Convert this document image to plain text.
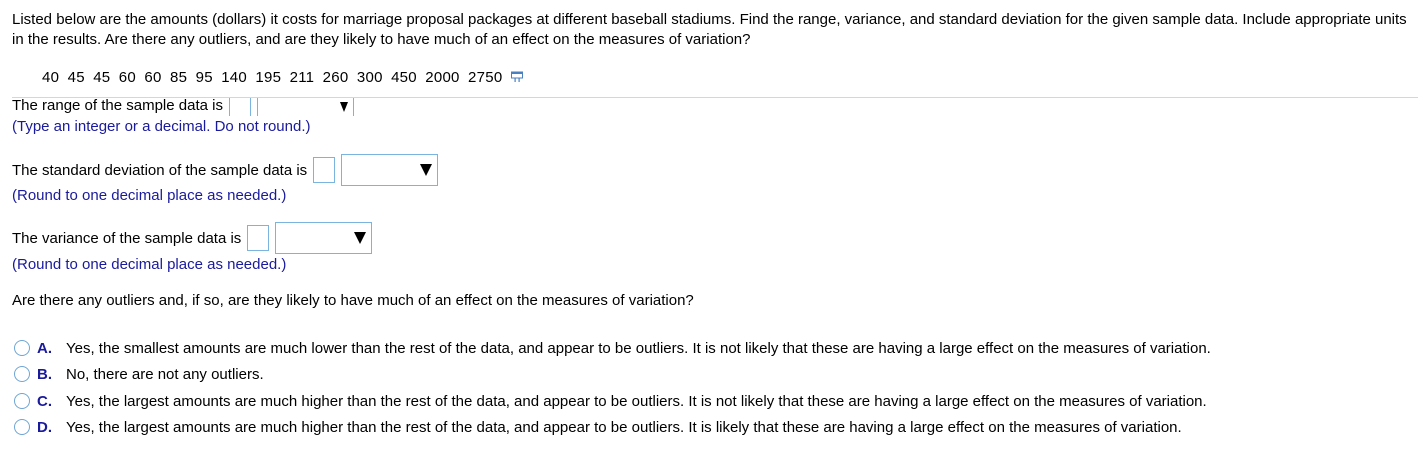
Listed below are the amounts (dollars) it costs for marriage proposal packages at different baseball stadiums. Find the range, variance, and standard deviation for the given sample data. Include appropriate units in the results. Are there any outliers, and are they likely to have much of an effect on the measures of variation?
40 45 45 60 60 85 95 140 195 211 260 300 450 2000 2750
The range of the sample data is
(Type an integer or a decimal. Do not round.)
The standard deviation of the sample data is
(Round to one decimal place as needed.)
The variance of the sample data is
(Round to one decimal place as needed.)
Are there any outliers and, if so, are they likely to have much of an effect on the measures of variation?
A. Yes, the smallest amounts are much lower than the rest of the data, and appear to be outliers. It is not likely that these are having a large effect on the measures of variation.
B. No, there are not any outliers.
C. Yes, the largest amounts are much higher than the rest of the data, and appear to be outliers. It is not likely that these are having a large effect on the measures of variation.
D. Yes, the largest amounts are much higher than the rest of the data, and appear to be outliers. It is likely that these are having a large effect on the measures of variation.
